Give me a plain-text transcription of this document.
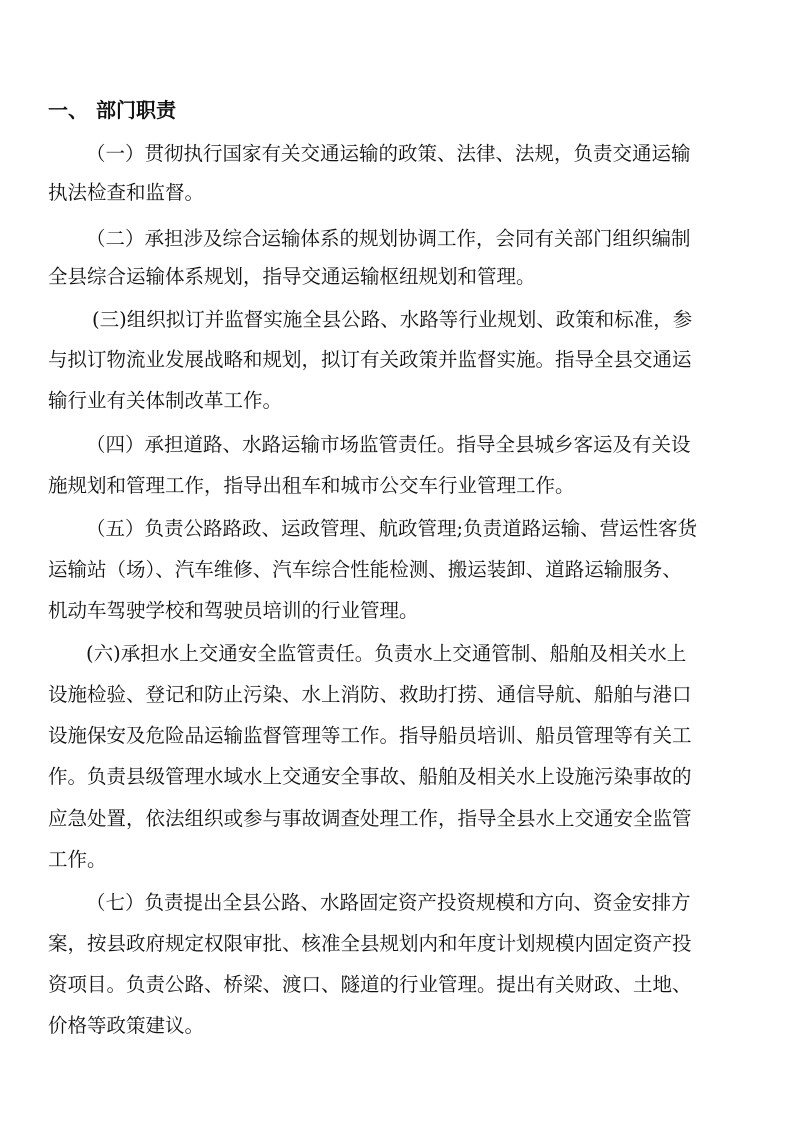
一、 部门职责
（一）贯彻执行国家有关交通运输的政策、法律、法规，负责交通运输
执法检查和监督。
（二）承担涉及综合运输体系的规划协调工作，会同有关部门组织编制
全县综合运输体系规划，指导交通运输枢纽规划和管理。
(三)组织拟订并监督实施全县公路、水路等行业规划、政策和标准，参
与拟订物流业发展战略和规划，拟订有关政策并监督实施。指导全县交通运
输行业有关体制改革工作。
（四）承担道路、水路运输市场监管责任。指导全县城乡客运及有关设
施规划和管理工作，指导出租车和城市公交车行业管理工作。
（五）负责公路路政、运政管理、航政管理;负责道路运输、营运性客货
运输站（场）、汽车维修、汽车综合性能检测、搬运装卸、道路运输服务、
机动车驾驶学校和驾驶员培训的行业管理。
(六)承担水上交通安全监管责任。负责水上交通管制、船舶及相关水上
设施检验、登记和防止污染、水上消防、救助打捞、通信导航、船舶与港口
设施保安及危险品运输监督管理等工作。指导船员培训、船员管理等有关工
作。负责县级管理水域水上交通安全事故、船舶及相关水上设施污染事故的
应急处置，依法组织或参与事故调查处理工作，指导全县水上交通安全监管
工作。
（七）负责提出全县公路、水路固定资产投资规模和方向、资金安排方
案，按县政府规定权限审批、核准全县规划内和年度计划规模内固定资产投
资项目。负责公路、桥梁、渡口、隧道的行业管理。提出有关财政、土地、
价格等政策建议。
